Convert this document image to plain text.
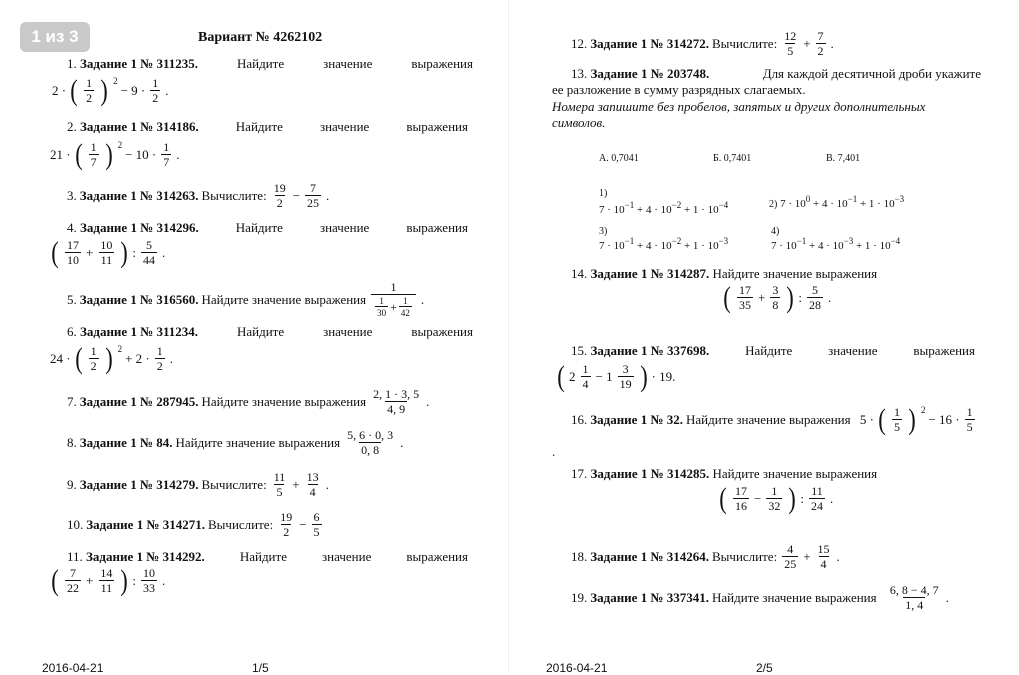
1 из 3	Вариант № 4262102
1. Задание 1 № 311235.	Найдите	значение	выражения
2 · ( $\frac{1}{2}$ ) 2
− $9 \cdot \frac{1}{2}$ .
2. Задание 1 № 314186.	Найдите	значение	выражения
21 · ( $\frac{1}{7}$ ) 2
− $10 \cdot \frac{1}{7}$ .
3. Задание 1 № 314263. Вычислите: $\frac{19}{2} - \frac{7}{25}$ .
4. Задание 1 № 314296.	Найдите	значение	выражения
( $\frac{17}{10} + \frac{10}{11}$ ) : $\frac{5}{44}$ .
5. Задание 1 № 316560. Найдите значение выражения $\frac{1}{\frac{1}{30} + \frac{1}{42}}$ .
6. Задание 1 № 311234.	Найдите	значение	выражения
24 · ( $\frac{1}{2}$ ) 2
+ $2 \cdot \frac{1}{2}$ .
7. Задание 1 № 287945. Найдите значение выражения $\frac{2, 1 \cdot 3, 5}{4, 9}$ .
8. Задание 1 № 84. Найдите значение выражения $\frac{5, 6 \cdot 0, 3}{0, 8}$ .
9. Задание 1 № 314279. Вычислите: $\frac{11}{5} + \frac{13}{4}$ .
10. Задание 1 № 314271. Вычислите: $\frac{19}{2} - \frac{6}{5}$
11. Задание 1 № 314292.	Найдите	значение	выражения
( $\frac{7}{22} + \frac{14}{11}$ ) : $\frac{10}{33}$ .
12. Задание 1 № 314272. Вычислите: $\frac{12}{5} + \frac{7}{2}$ .
13. Задание 1 № 203748.	Для каждой десятичной дроби укажите
ее разложение в сумму разрядных слагаемых.
Номера запишите без пробелов, запятых и других дополнительных
символов.
А. 0,7041	Б. 0,7401	В. 7,401
1)
$7 \cdot 10^{-1} + 4 \cdot 10^{-2} + 1 \cdot 10^{-4}$	2) $7 \cdot 10^0 + 4 \cdot 10^{-1} + 1 \cdot 10^{-3}$
3)
$7 \cdot 10^{-1} + 4 \cdot 10^{-2} + 1 \cdot 10^{-3}$
4)
$7 \cdot 10^{-1} + 4 \cdot 10^{-3} + 1 \cdot 10^{-4}$
14. Задание 1 № 314287. Найдите значение выражения
( $\frac{17}{35} + \frac{3}{8}$ ) : $\frac{5}{28}$ .
15. Задание 1 № 337698.	Найдите	значение	выражения
( $2 \frac{1}{4} - 1 \frac{3}{19}$ ) · 19.
16. Задание 1 № 32. Найдите значение выражения
5 · ( $\frac{1}{5}$ ) 2
− $16 \cdot \frac{1}{5}$
.
17. Задание 1 № 314285. Найдите значение выражения
( $\frac{17}{16} - \frac{1}{32}$ ) : $\frac{11}{24}$ .
18. Задание 1 № 314264. Вычислите: $\frac{4}{25} + \frac{15}{4}$ .
19. Задание 1 № 337341. Найдите значение выражения
$\frac{6, 8 - 4, 7}{1, 4}$ .
2016-04-21	1/5	2016-04-21	2/5
